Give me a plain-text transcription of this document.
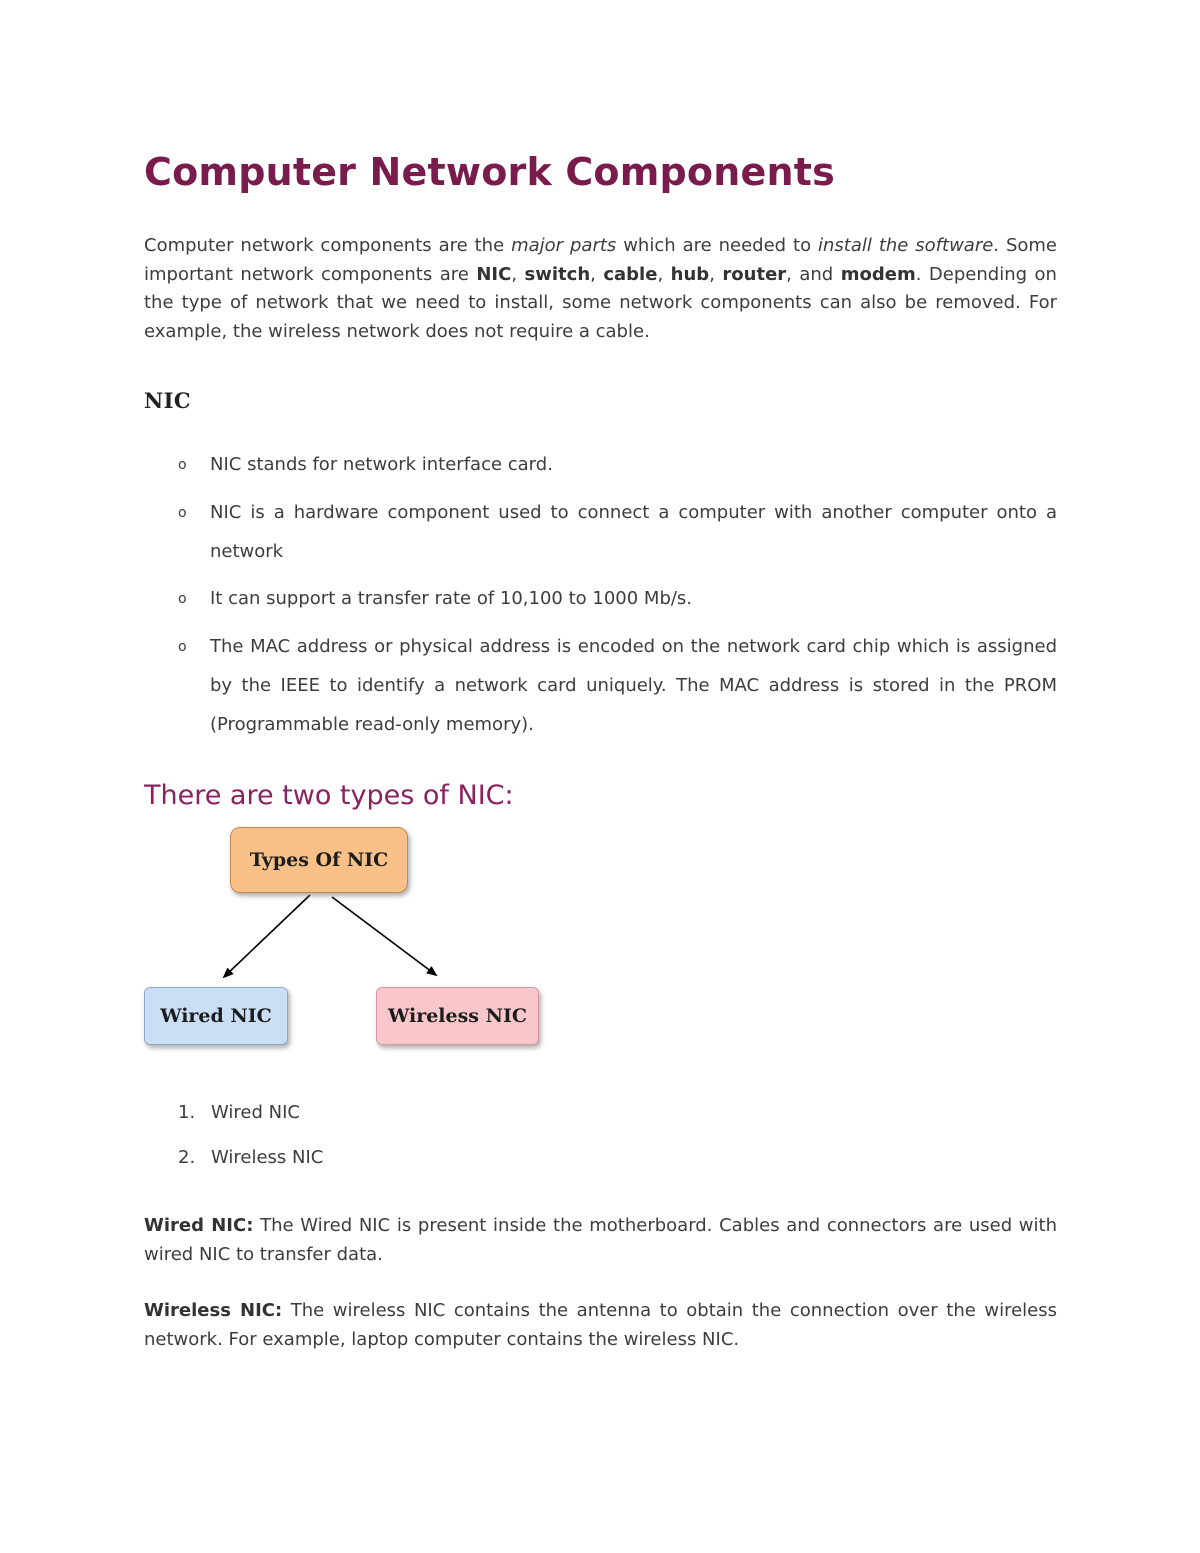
Computer Network Components

Computer network components are the major parts which are needed to install the software. Some important network components are NIC, switch, cable, hub, router, and modem. Depending on the type of network that we need to install, some network components can also be removed. For example, the wireless network does not require a cable.

NIC
o	NIC stands for network interface card.
o	NIC is a hardware component used to connect a computer with another computer onto a network
o	It can support a transfer rate of 10,100 to 1000 Mb/s.
o	The MAC address or physical address is encoded on the network card chip which is assigned by the IEEE to identify a network card uniquely. The MAC address is stored in the PROM (Programmable read-only memory).
There are two types of NIC:
Types Of NIC
Wired NIC	Wireless NIC
1. Wired NIC
2. Wireless NIC

Wired NIC: The Wired NIC is present inside the motherboard. Cables and connectors are used with wired NIC to transfer data.

Wireless NIC: The wireless NIC contains the antenna to obtain the connection over the wireless network. For example, laptop computer contains the wireless NIC.
